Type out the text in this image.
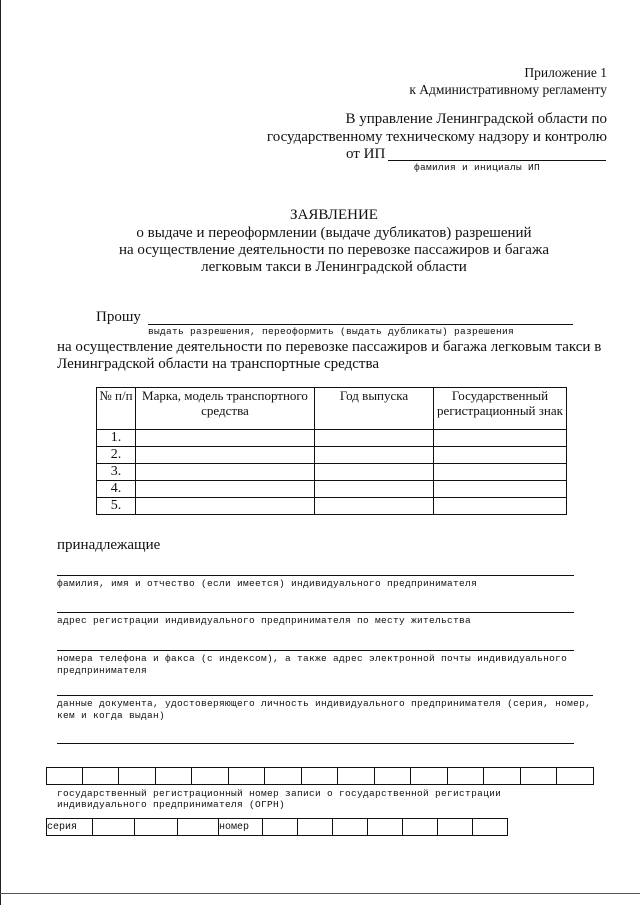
Приложение 1
к Административному регламенту
В управление Ленинградской области по
государственному техническому надзору и контролю
от ИП
фамилия и инициалы ИП
ЗАЯВЛЕНИЕ
о выдаче и переоформлении (выдаче дубликатов) разрешений
на осуществление деятельности по перевозке пассажиров и багажа
легковым такси в Ленинградской области
Прошу
выдать разрешения, переоформить (выдать дубликаты) разрешения
на осуществление деятельности по перевозке пассажиров и багажа легковым такси в
Ленинградской области на транспортные средства
№ п/п	Марка, модель транспортного средства	Год выпуска	Государственный регистрационный знак
1.			
2.			
3.			
4.			
5.			
принадлежащие
фамилия, имя и отчество (если имеется) индивидуального предпринимателя
адрес регистрации индивидуального предпринимателя по месту жительства
номера телефона и факса (с индексом), а также адрес электронной почты индивидуального предпринимателя
данные документа, удостоверяющего личность индивидуального предпринимателя (серия, номер, кем и когда выдан)

государственный регистрационный номер записи о государственной регистрации
индивидуального предпринимателя (ОГРН)
серия				номер							
